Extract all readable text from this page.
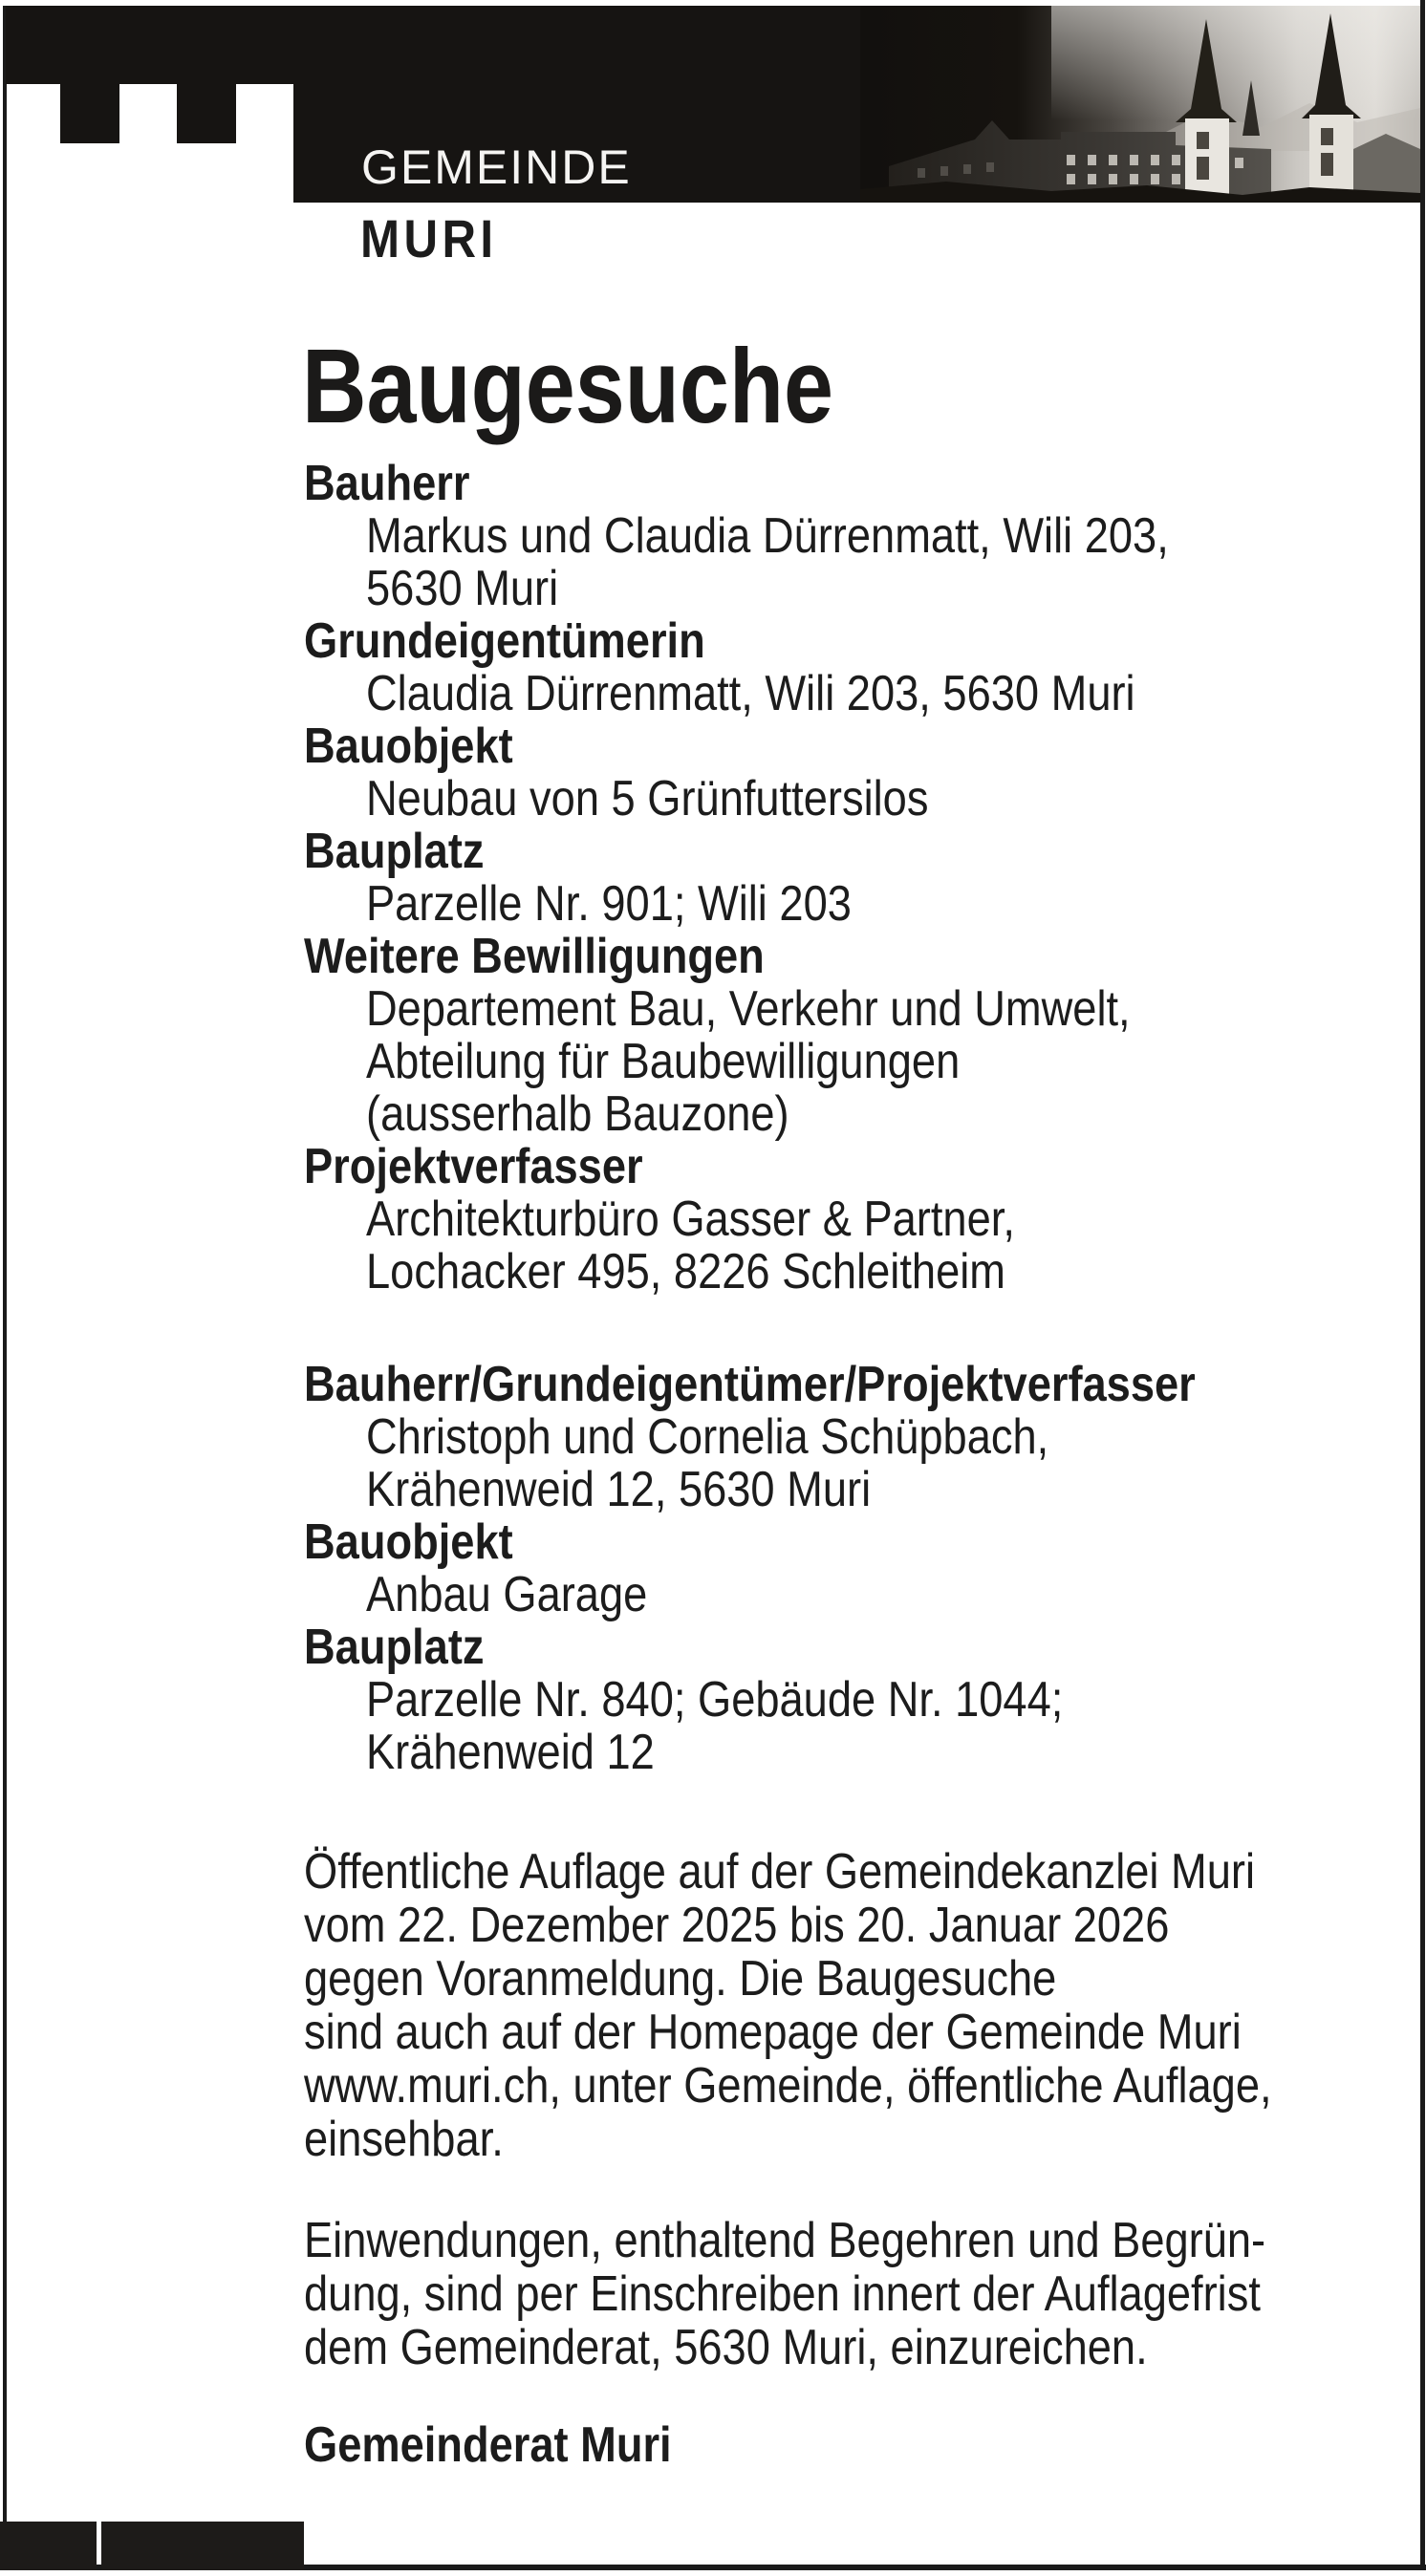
GEMEINDE
MURI
Baugesuche
Bauherr
Markus und Claudia Dürrenmatt, Wili 203,
5630 Muri
Grundeigentümerin
Claudia Dürrenmatt, Wili 203, 5630 Muri
Bauobjekt
Neubau von 5 Grünfuttersilos
Bauplatz
Parzelle Nr. 901; Wili 203
Weitere Bewilligungen
Departement Bau, Verkehr und Umwelt,
Abteilung für Baubewilligungen
(ausserhalb Bauzone)
Projektverfasser
Architekturbüro Gasser & Partner,
Lochacker 495, 8226 Schleitheim
Bauherr/Grundeigentümer/Projektverfasser
Christoph und Cornelia Schüpbach,
Krähenweid 12, 5630 Muri
Bauobjekt
Anbau Garage
Bauplatz
Parzelle Nr. 840; Gebäude Nr. 1044;
Krähenweid 12
Öffentliche Auflage auf der Gemeindekanzlei Muri
vom 22. Dezember 2025 bis 20. Januar 2026
gegen Voranmeldung. Die Baugesuche
sind auch auf der Homepage der Gemeinde Muri
www.muri.ch, unter Gemeinde, öffentliche Auflage,
einsehbar.
Einwendungen, enthaltend Begehren und Begrün-
dung, sind per Einschreiben innert der Auflagefrist
dem Gemeinderat, 5630 Muri, einzureichen.
Gemeinderat Muri
